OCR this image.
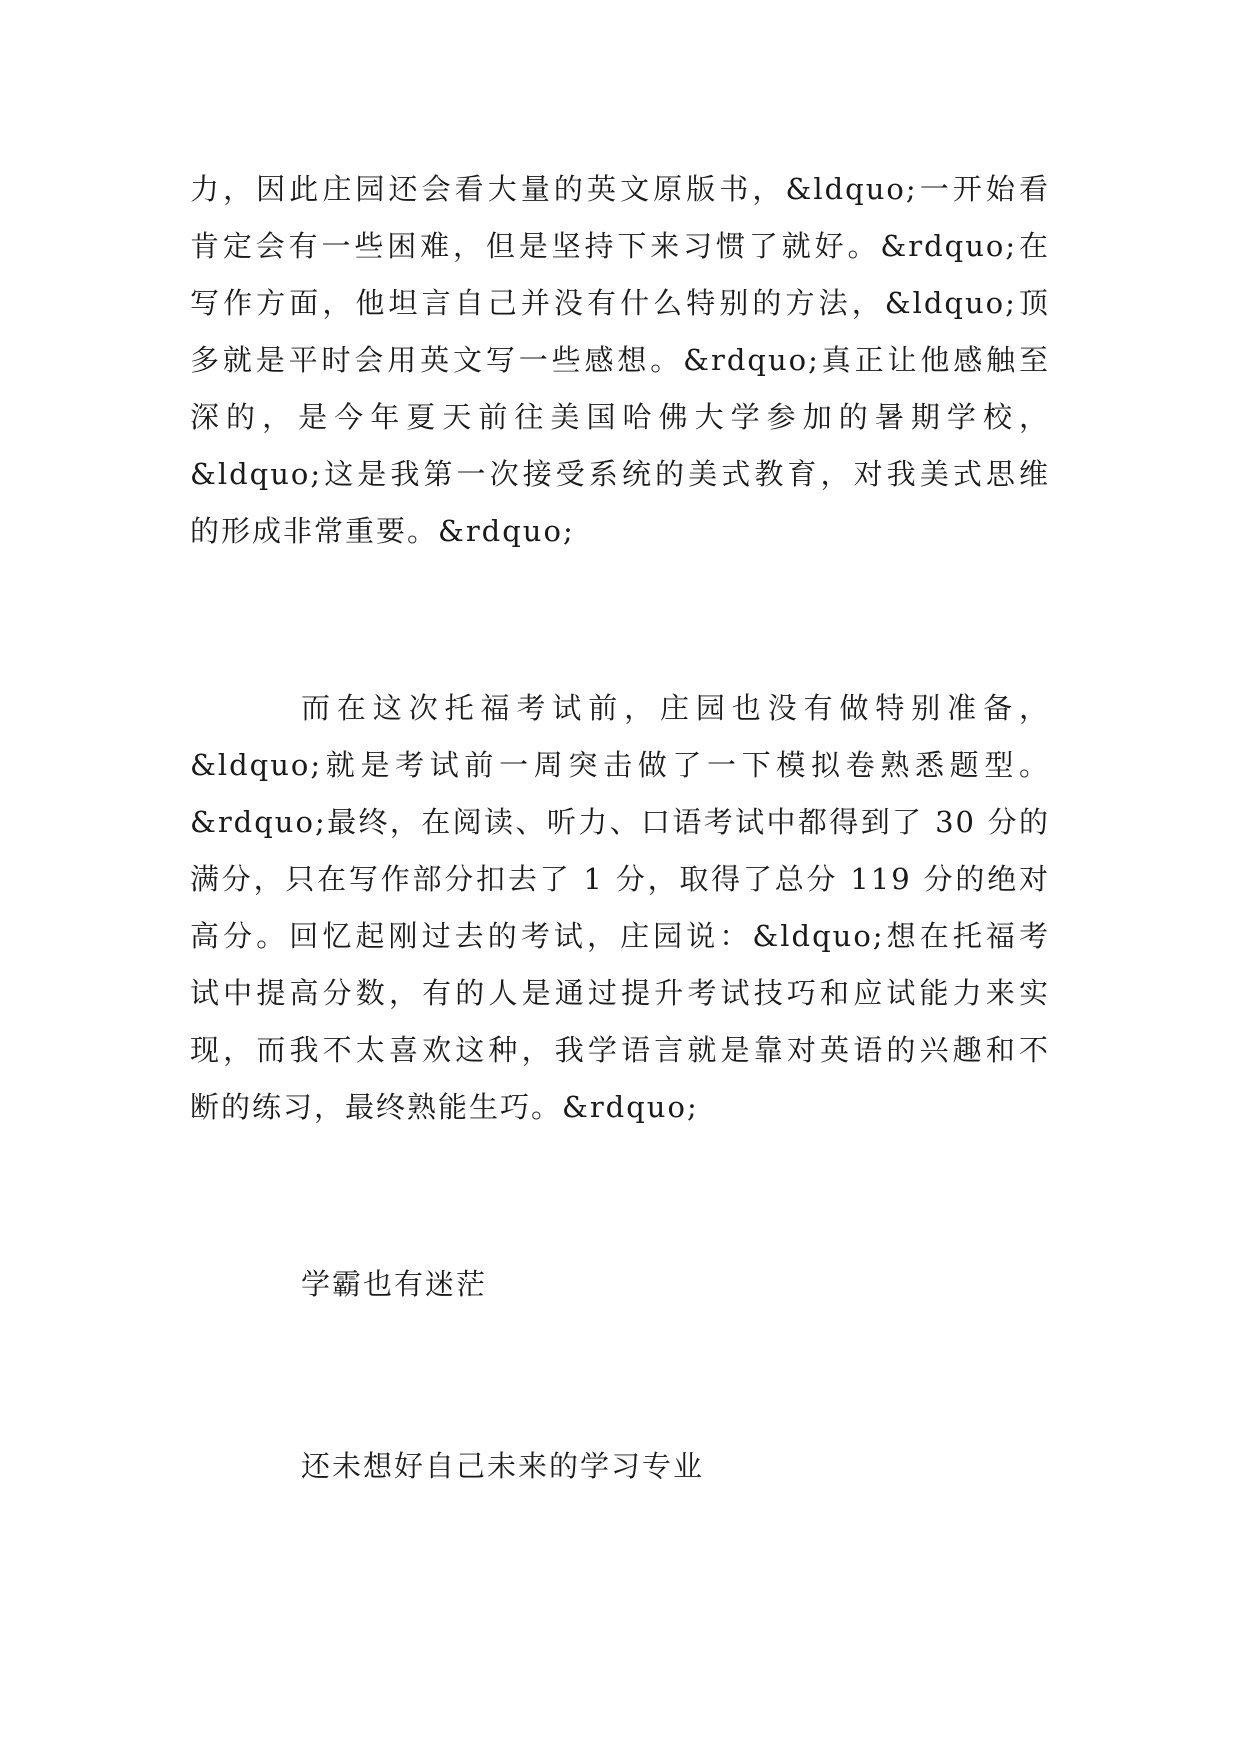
力，因此庄园还会看大量的英文原版书，&ldquo;一开始看
肯定会有一些困难，但是坚持下来习惯了就好。&rdquo;在
写作方面，他坦言自己并没有什么特别的方法，&ldquo;顶
多就是平时会用英文写一些感想。&rdquo;真正让他感触至
深的，是今年夏天前往美国哈佛大学参加的暑期学校，
&ldquo;这是我第一次接受系统的美式教育，对我美式思维
的形成非常重要。&rdquo;
而在这次托福考试前，庄园也没有做特别准备，
&ldquo;就是考试前一周突击做了一下模拟卷熟悉题型。
&rdquo;最终，在阅读、听力、口语考试中都得到了 30 分的
满分，只在写作部分扣去了 1 分，取得了总分 119 分的绝对
高分。回忆起刚过去的考试，庄园说：&ldquo;想在托福考
试中提高分数，有的人是通过提升考试技巧和应试能力来实
现，而我不太喜欢这种，我学语言就是靠对英语的兴趣和不
断的练习，最终熟能生巧。&rdquo;
学霸也有迷茫
还未想好自己未来的学习专业
